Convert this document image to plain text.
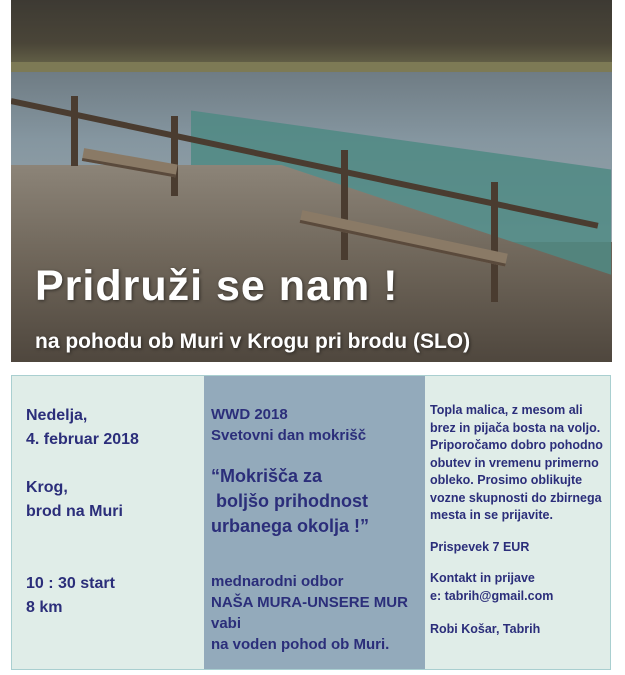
Pridruži se nam !

na pohodu ob Muri v Krogu pri brodu (SLO)

Nedelja,

4. februar 2018

Krog,

brod na Muri

10 : 30 start

8 km

WWD 2018

Svetovni dan mokrišč

“Mokrišča za

boljšo prihodnost

urbanega okolja !”

mednarodni odbor

NAŠA MURA-UNSERE MUR

vabi

na voden pohod ob Muri.

Topla malica, z mesom ali brez in pijača bosta na voljo. Priporočamo dobro pohodno obutev in vremenu primerno obleko. Prosimo oblikujte vozne skupnosti do zbirnega mesta in se prijavite.

Prispevek 7 EUR

Kontakt in prijave

e: tabrih@gmail.com

Robi Košar, Tabrih
